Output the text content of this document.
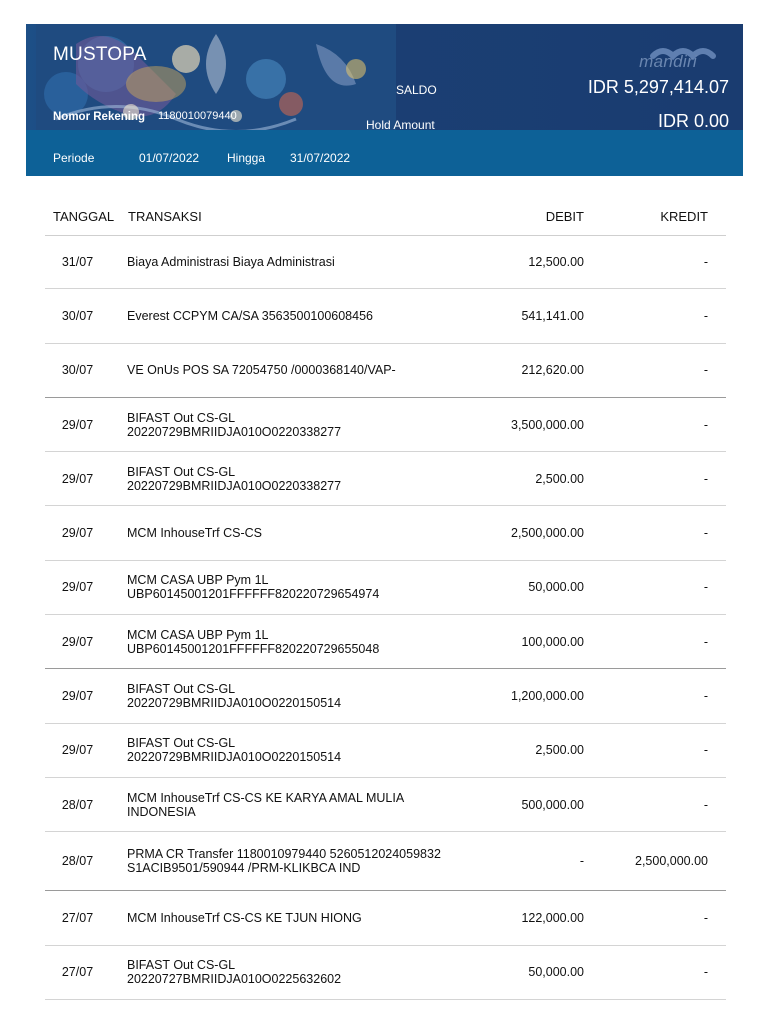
MUSTOPA
Nomor Rekening 1180010079440
SALDO	IDR 5,297,414.07
Hold Amount	IDR 0.00
mandiri
Periode	01/07/2022 Hingga 31/07/2022
TANGGAL TRANSAKSI	DEBIT	KREDIT
31/07	Biaya Administrasi Biaya Administrasi	12,500.00	-
30/07	Everest CCPYM CA/SA 3563500100608456	541,141.00	-
30/07	VE OnUs POS SA 72054750 /0000368140/VAP-	212,620.00	-
29/07	BIFAST Out CS-GL
20220729BMRIIDJA010O0220338277	3,500,000.00	-
29/07	BIFAST Out CS-GL
20220729BMRIIDJA010O0220338277	2,500.00	-
29/07	MCM InhouseTrf CS-CS	2,500,000.00	-
29/07	MCM CASA UBP Pym 1L
UBP60145001201FFFFFF820220729654974	50,000.00	-
29/07	MCM CASA UBP Pym 1L
UBP60145001201FFFFFF820220729655048	100,000.00	-
29/07	BIFAST Out CS-GL
20220729BMRIIDJA010O0220150514	1,200,000.00	-
29/07	BIFAST Out CS-GL
20220729BMRIIDJA010O0220150514	2,500.00	-
28/07	MCM InhouseTrf CS-CS KE KARYA AMAL MULIA
INDONESIA	500,000.00	-
28/07	PRMA CR Transfer 1180010979440 5260512024059832
S1ACIB9501/590944 /PRM-KLIKBCA IND	-	2,500,000.00
27/07	MCM InhouseTrf CS-CS KE TJUN HIONG	122,000.00	-
27/07	BIFAST Out CS-GL
20220727BMRIIDJA010O0225632602	50,000.00	-
